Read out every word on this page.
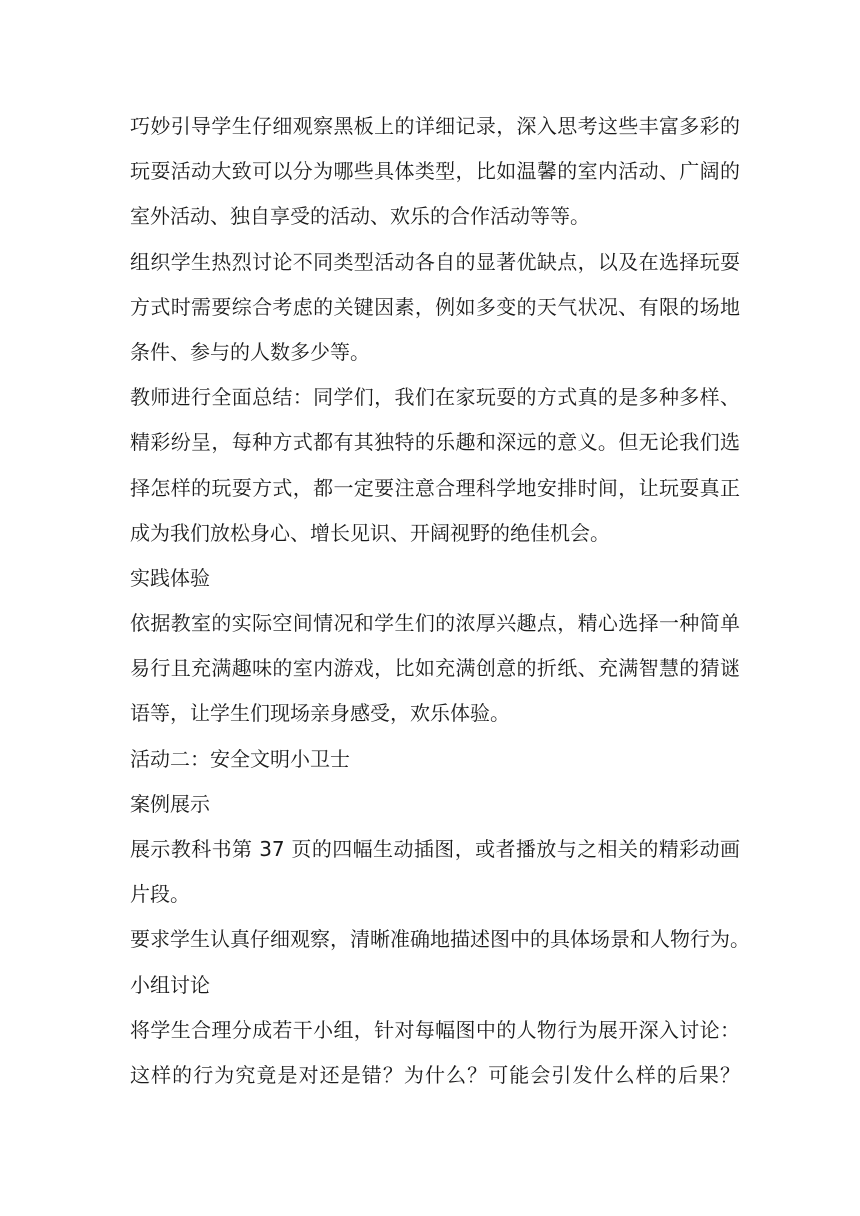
巧妙引导学生仔细观察黑板上的详细记录，深入思考这些丰富多彩的
玩耍活动大致可以分为哪些具体类型，比如温馨的室内活动、广阔的
室外活动、独自享受的活动、欢乐的合作活动等等。
组织学生热烈讨论不同类型活动各自的显著优缺点，以及在选择玩耍
方式时需要综合考虑的关键因素，例如多变的天气状况、有限的场地
条件、参与的人数多少等。
教师进行全面总结：同学们，我们在家玩耍的方式真的是多种多样、
精彩纷呈，每种方式都有其独特的乐趣和深远的意义。但无论我们选
择怎样的玩耍方式，都一定要注意合理科学地安排时间，让玩耍真正
成为我们放松身心、增长见识、开阔视野的绝佳机会。
实践体验
依据教室的实际空间情况和学生们的浓厚兴趣点，精心选择一种简单
易行且充满趣味的室内游戏，比如充满创意的折纸、充满智慧的猜谜
语等，让学生们现场亲身感受，欢乐体验。
活动二：安全文明小卫士
案例展示
展示教科书第 37 页的四幅生动插图，或者播放与之相关的精彩动画
片段。
要求学生认真仔细观察，清晰准确地描述图中的具体场景和人物行为。
小组讨论
将学生合理分成若干小组，针对每幅图中的人物行为展开深入讨论：
这样的行为究竟是对还是错？为什么？可能会引发什么样的后果？
